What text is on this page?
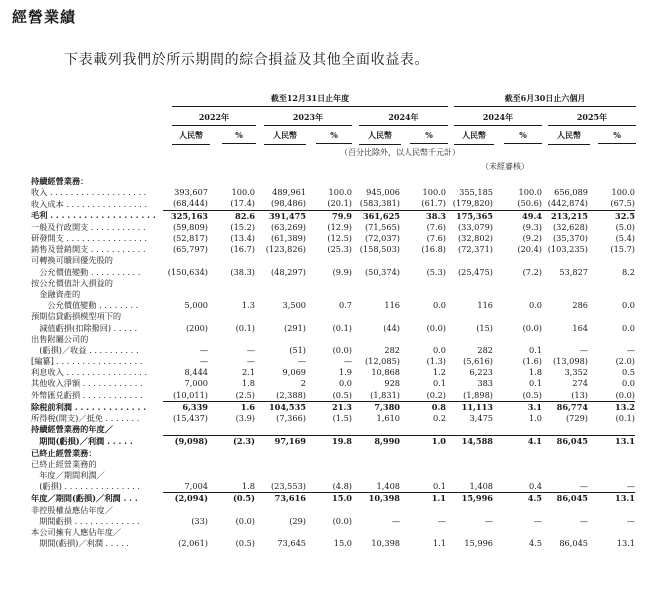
經營業績
下表載列我們於所示期間的綜合損益及其他全面收益表。
截至12月31日止年度	截至6月30日止六個月
2022年	2023年	2024年	2024年	2025年
人民幣	%	人民幣	%	人民幣	%	人民幣	%	人民幣	%
（百分比除外，以人民幣千元計）
（未經審核）
持續經營業務：										
收入 . . . . . . . . . . . . . . . . . . .	393,607	100.0	489,961	100.0	945,006	100.0	355,185	100.0	656,089	100.0
收入成本 . . . . . . . . . . . . . . . .	(68,444)	(17.4)	(98,486)	(20.1)	(583,381)	(61.7)	(179,820)	(50.6)	(442,874)	(67.5)
毛利 . . . . . . . . . . . . . . . . . . .	325,163	82.6	391,475	79.9	361,625	38.3	175,365	49.4	213,215	32.5
一般及行政開支 . . . . . . . . . . .	(59,809)	(15.2)	(63,269)	(12.9)	(71,565)	(7.6)	(33,079)	(9.3)	(32,628)	(5.0)
研發開支 . . . . . . . . . . . . . . . .	(52,817)	(13.4)	(61,389)	(12.5)	(72,037)	(7.6)	(32,802)	(9.2)	(35,370)	(5.4)
銷售及營銷開支 . . . . . . . . . . .	(65,797)	(16.7)	(123,826)	(25.3)	(158,503)	(16.8)	(72,371)	(20.4)	(103,235)	(15.7)
可轉換可贖回優先股的										
　公允價值變動 . . . . . . . . . .	(150,634)	(38.3)	(48,297)	(9.9)	(50,374)	(5.3)	(25,475)	(7.2)	53,827	8.2
按公允價值計入損益的										
　金融資產的										
　　公允價值變動 . . . . . . . .	5,000	1.3	3,500	0.7	116	0.0	116	0.0	286	0.0
預期信貸虧損模型項下的										
　減值虧損(扣除撥回) . . . . .	(200)	(0.1)	(291)	(0.1)	(44)	(0.0)	(15)	(0.0)	164	0.0
出售附屬公司的										
　(虧損)／收益 . . . . . . . . . .	—	—	(51)	(0.0)	282	0.0	282	0.1	—	—
[編纂] . . . . . . . . . . . . . . . . .	—	—	—	—	(12,085)	(1.3)	(5,616)	(1.6)	(13,098)	(2.0)
利息收入 . . . . . . . . . . . . . . . .	8,444	2.1	9,069	1.9	10,868	1.2	6,223	1.8	3,352	0.5
其他收入淨額 . . . . . . . . . . . .	7,000	1.8	2	0.0	928	0.1	383	0.1	274	0.0
外幣匯兑虧損 . . . . . . . . . . . .	(10,011)	(2.5)	(2,388)	(0.5)	(1,831)	(0.2)	(1,898)	(0.5)	(13)	(0.0)
除税前利潤 . . . . . . . . . . . . .	6,339	1.6	104,535	21.3	7,380	0.8	11,113	3.1	86,774	13.2
所得税(開支)／抵免 . . . . . . .	(15,437)	(3.9)	(7,366)	(1.5)	1,610	0.2	3,475	1.0	(729)	(0.1)
持續經營業務的年度／										
　期間(虧損)／利潤 . . . . .	(9,098)	(2.3)	97,169	19.8	8,990	1.0	14,588	4.1	86,045	13.1
已終止經營業務：										
已終止經營業務的										
　年度／期間利潤／										
　(虧損) . . . . . . . . . . . . . . .	7,004	1.8	(23,553)	(4.8)	1,408	0.1	1,408	0.4	—	—
年度／期間(虧損)／利潤 . . .	(2,094)	(0.5)	73,616	15.0	10,398	1.1	15,996	4.5	86,045	13.1
非控股權益應佔年度／										
　期間虧損 . . . . . . . . . . . . .	(33)	(0.0)	(29)	(0.0)	—	—	—	—	—	—
本公司擁有人應佔年度／										
　期間(虧損)／利潤 . . . . .	(2,061)	(0.5)	73,645	15.0	10,398	1.1	15,996	4.5	86,045	13.1
